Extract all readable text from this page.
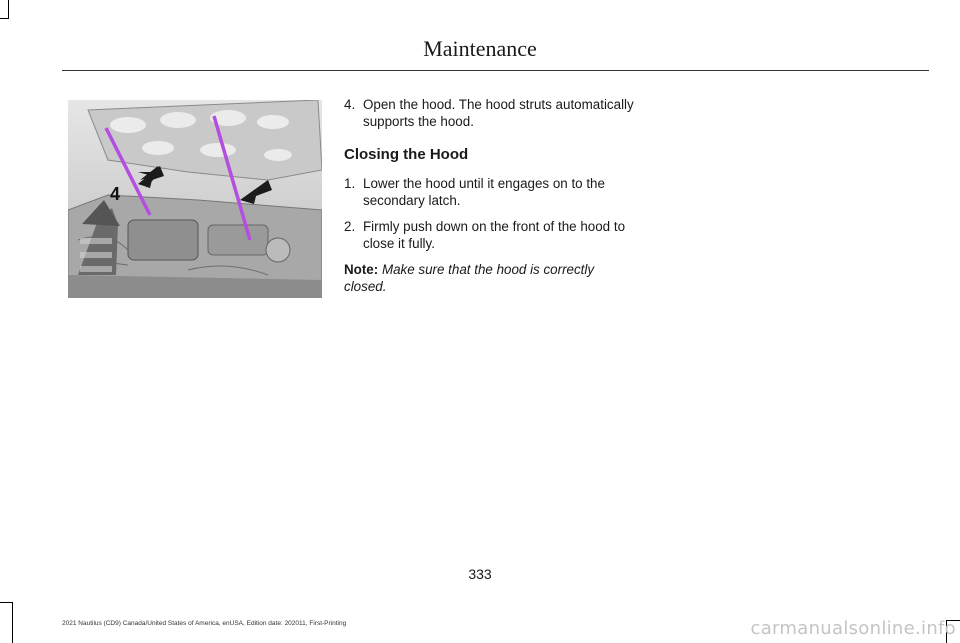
Maintenance
4
4. Open the hood. The hood struts automatically supports the hood.
Closing the Hood
1. Lower the hood until it engages on to the secondary latch.
2. Firmly push down on the front of the hood to close it fully.
Note: Make sure that the hood is correctly closed.
333
2021 Nautilus (CD9) Canada/United States of America, enUSA, Edition date: 202011, First-Printing	carmanualsonline.info
